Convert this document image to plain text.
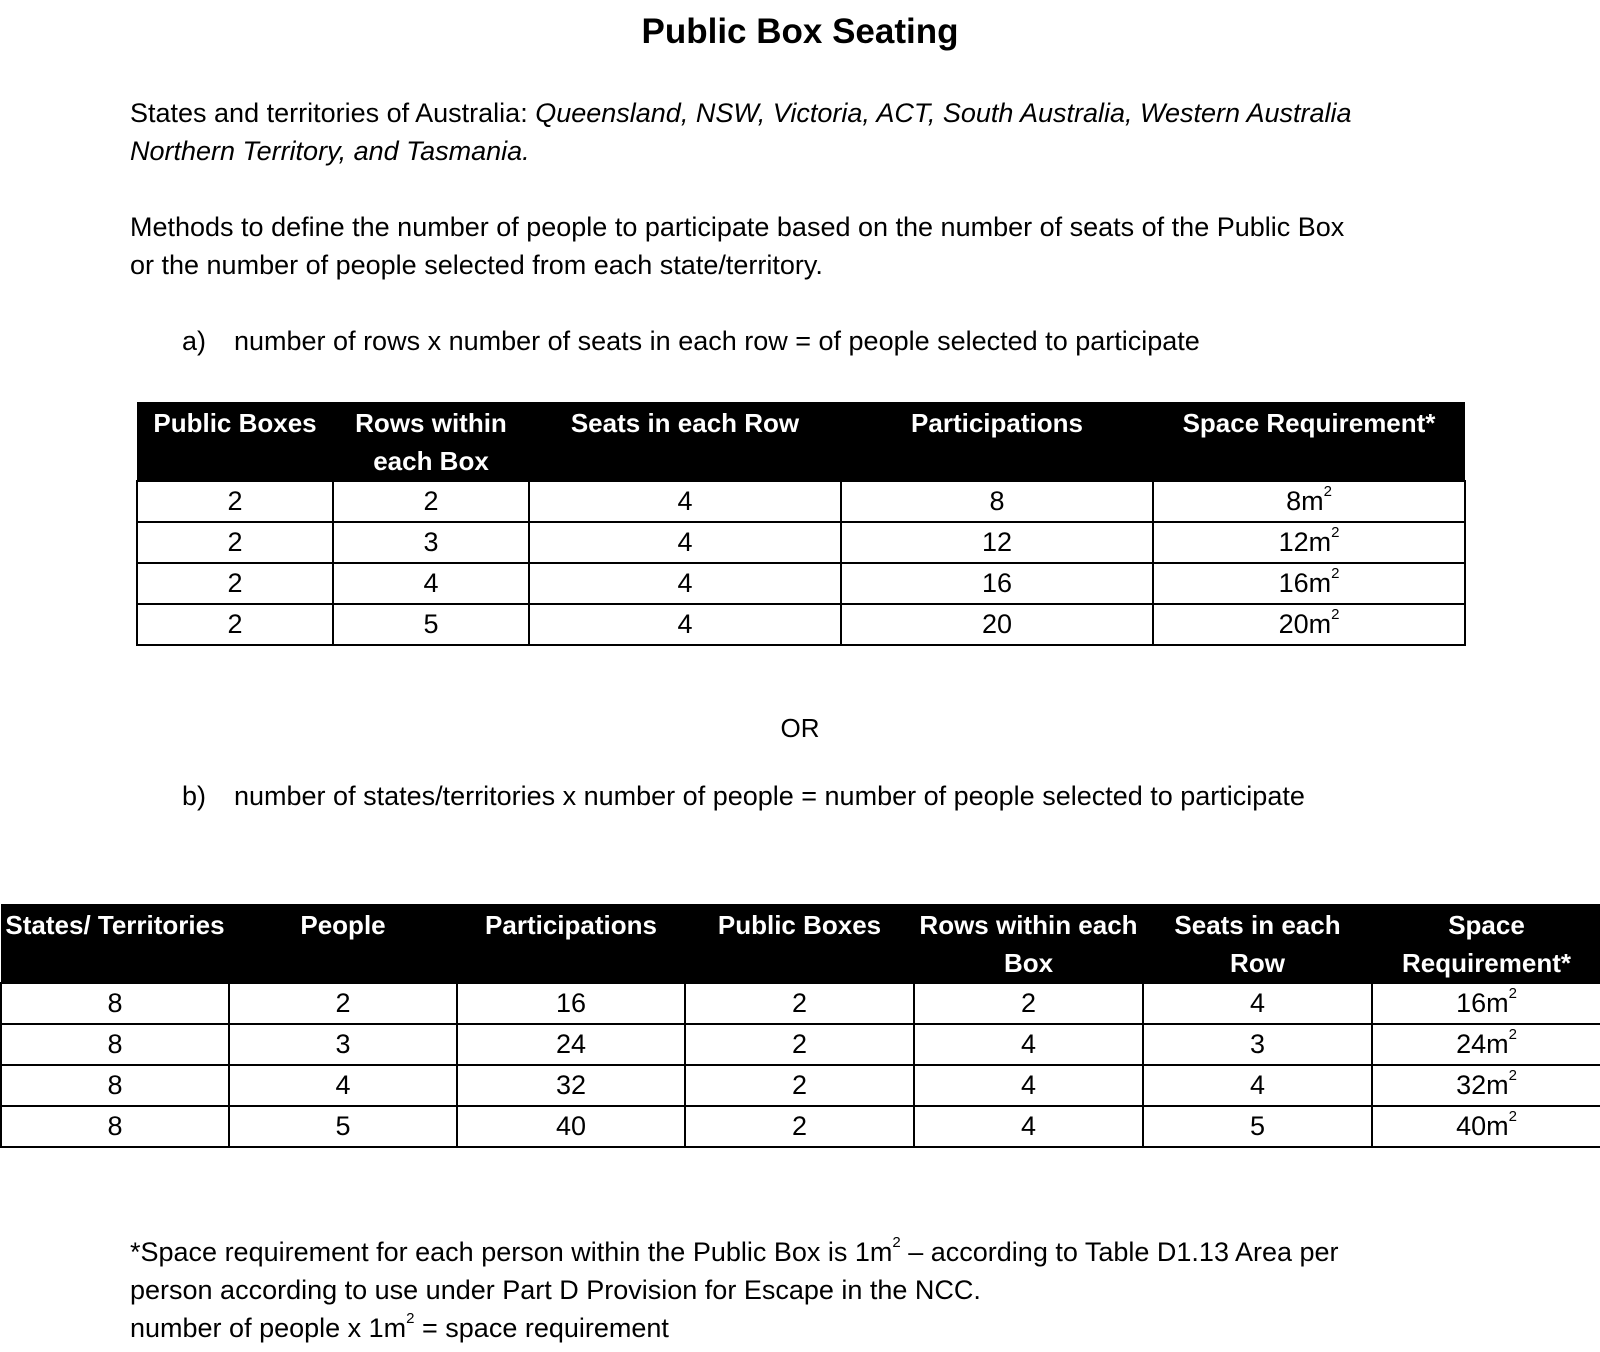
Public Box Seating
States and territories of Australia: Queensland, NSW, Victoria, ACT, South Australia, Western Australia
Northern Territory, and Tasmania.
Methods to define the number of people to participate based on the number of seats of the Public Box
or the number of people selected from each state/territory.
a) number of rows x number of seats in each row = of people selected to participate
Public Boxes	Rows within each Box	Seats in each Row	Participations	Space Requirement*
2	2	4	8	$8m^2$
2	3	4	12	$12m^2$
2	4	4	16	$16m^2$
2	5	4	20	$20m^2$
OR
b) number of states/territories x number of people = number of people selected to participate
States/ Territories	People	Participations	Public Boxes	Rows within each Box	Seats in each Row	Space Requirement*
8	2	16	2	2	4	$16m^2$
8	3	24	2	4	3	$24m^2$
8	4	32	2	4	4	$32m^2$
8	5	40	2	4	5	$40m^2$
*Space requirement for each person within the Public Box is $1m^2$ – according to Table D1.13 Area per
person according to use under Part D Provision for Escape in the NCC.
number of people x $1m^2$ = space requirement
